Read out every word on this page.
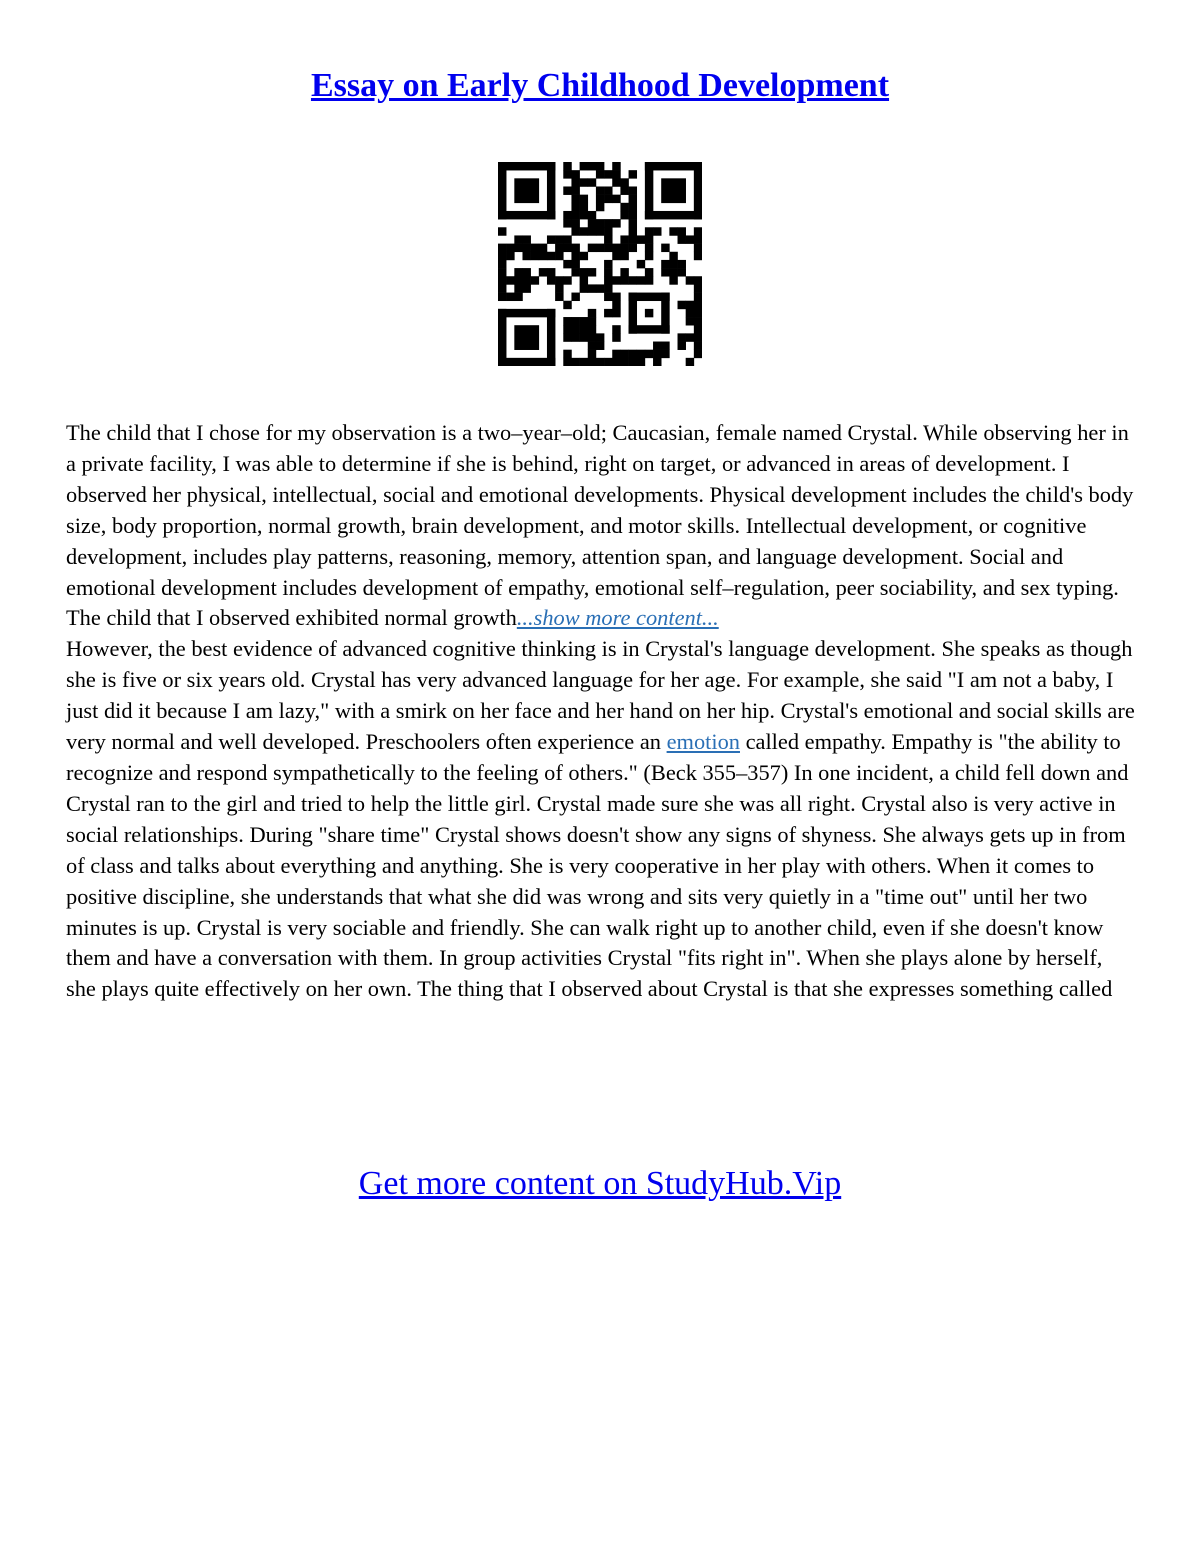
Essay on Early Childhood Development

The child that I chose for my observation is a two–year–old; Caucasian, female named Crystal. While observing her in a private facility, I was able to determine if she is behind, right on target, or advanced in areas of development. I observed her physical, intellectual, social and emotional developments. Physical development includes the child's body size, body proportion, normal growth, brain development, and motor skills. Intellectual development, or cognitive development, includes play patterns, reasoning, memory, attention span, and language development. Social and emotional development includes development of empathy, emotional self–regulation, peer sociability, and sex typing. The child that I observed exhibited normal growth...show more content...
However, the best evidence of advanced cognitive thinking is in Crystal's language development. She speaks as though she is five or six years old. Crystal has very advanced language for her age. For example, she said "I am not a baby, I just did it because I am lazy," with a smirk on her face and her hand on her hip. Crystal's emotional and social skills are very normal and well developed. Preschoolers often experience an emotion called empathy. Empathy is "the ability to recognize and respond sympathetically to the feeling of others." (Beck 355–357) In one incident, a child fell down and Crystal ran to the girl and tried to help the little girl. Crystal made sure she was all right. Crystal also is very active in social relationships. During "share time" Crystal shows doesn't show any signs of shyness. She always gets up in from of class and talks about everything and anything. She is very cooperative in her play with others. When it comes to positive discipline, she understands that what she did was wrong and sits very quietly in a "time out" until her two minutes is up. Crystal is very sociable and friendly. She can walk right up to another child, even if she doesn't know them and have a conversation with them. In group activities Crystal "fits right in". When she plays alone by herself, she plays quite effectively on her own. The thing that I observed about Crystal is that she expresses something called

Get more content on StudyHub.Vip
